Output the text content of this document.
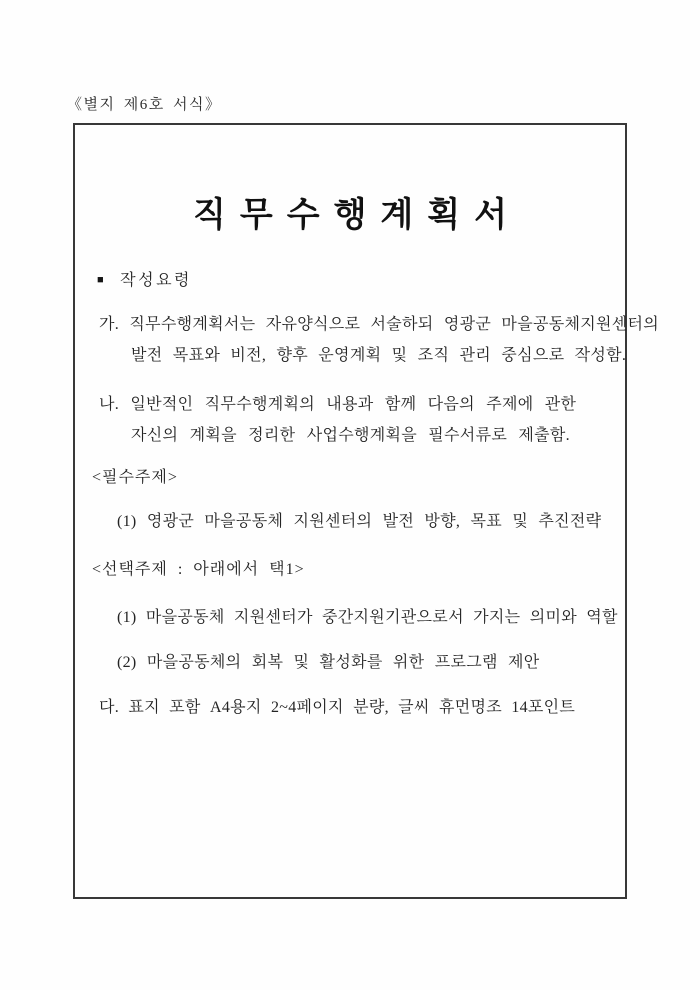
《별지 제6호 서식》
직무수행계획서
■ 작성요령
가. 직무수행계획서는 자유양식으로 서술하되 영광군 마을공동체지원센터의
발전 목표와 비전, 향후 운영계획 및 조직 관리 중심으로 작성함.
나. 일반적인 직무수행계획의 내용과 함께 다음의 주제에 관한
자신의 계획을 정리한 사업수행계획을 필수서류로 제출함.
<필수주제>
(1) 영광군 마을공동체 지원센터의 발전 방향, 목표 및 추진전략
<선택주제 : 아래에서 택1>
(1) 마을공동체 지원센터가 중간지원기관으로서 가지는 의미와 역할
(2) 마을공동체의 회복 및 활성화를 위한 프로그램 제안
다. 표지 포함 A4용지 2~4페이지 분량, 글씨 휴먼명조 14포인트
